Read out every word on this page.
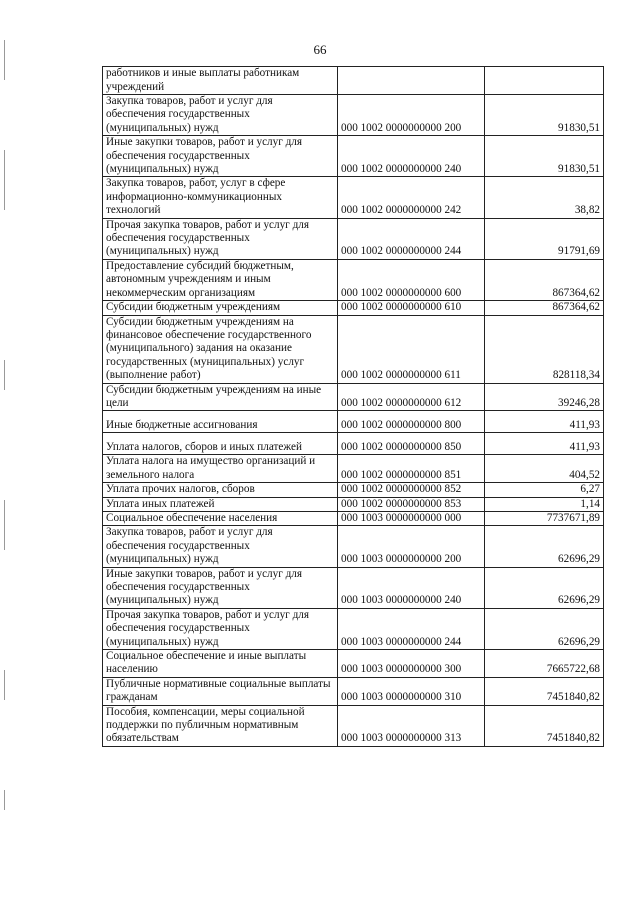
66
работников и иные выплаты работникам учреждений		
Закупка товаров, работ и услуг для обеспечения государственных (муниципальных) нужд	000 1002 0000000000 200	91830,51
Иные закупки товаров, работ и услуг для обеспечения государственных (муниципальных) нужд	000 1002 0000000000 240	91830,51
Закупка товаров, работ, услуг в сфере информационно-коммуникационных технологий	000 1002 0000000000 242	38,82
Прочая закупка товаров, работ и услуг для обеспечения государственных (муниципальных) нужд	000 1002 0000000000 244	91791,69
Предоставление субсидий бюджетным, автономным учреждениям и иным некоммерческим организациям	000 1002 0000000000 600	867364,62
Субсидии бюджетным учреждениям	000 1002 0000000000 610	867364,62
Субсидии бюджетным учреждениям на финансовое обеспечение государственного (муниципального) задания на оказание государственных (муниципальных) услуг (выполнение работ)	000 1002 0000000000 611	828118,34
Субсидии бюджетным учреждениям на иные цели	000 1002 0000000000 612	39246,28
Иные бюджетные ассигнования	000 1002 0000000000 800	411,93
Уплата налогов, сборов и иных платежей	000 1002 0000000000 850	411,93
Уплата налога на имущество организаций и земельного налога	000 1002 0000000000 851	404,52
Уплата прочих налогов, сборов	000 1002 0000000000 852	6,27
Уплата иных платежей	000 1002 0000000000 853	1,14
Социальное обеспечение населения	000 1003 0000000000 000	7737671,89
Закупка товаров, работ и услуг для обеспечения государственных (муниципальных) нужд	000 1003 0000000000 200	62696,29
Иные закупки товаров, работ и услуг для обеспечения государственных (муниципальных) нужд	000 1003 0000000000 240	62696,29
Прочая закупка товаров, работ и услуг для обеспечения государственных (муниципальных) нужд	000 1003 0000000000 244	62696,29
Социальное обеспечение и иные выплаты населению	000 1003 0000000000 300	7665722,68
Публичные нормативные социальные выплаты гражданам	000 1003 0000000000 310	7451840,82
Пособия, компенсации, меры социальной поддержки по публичным нормативным обязательствам	000 1003 0000000000 313	7451840,82
